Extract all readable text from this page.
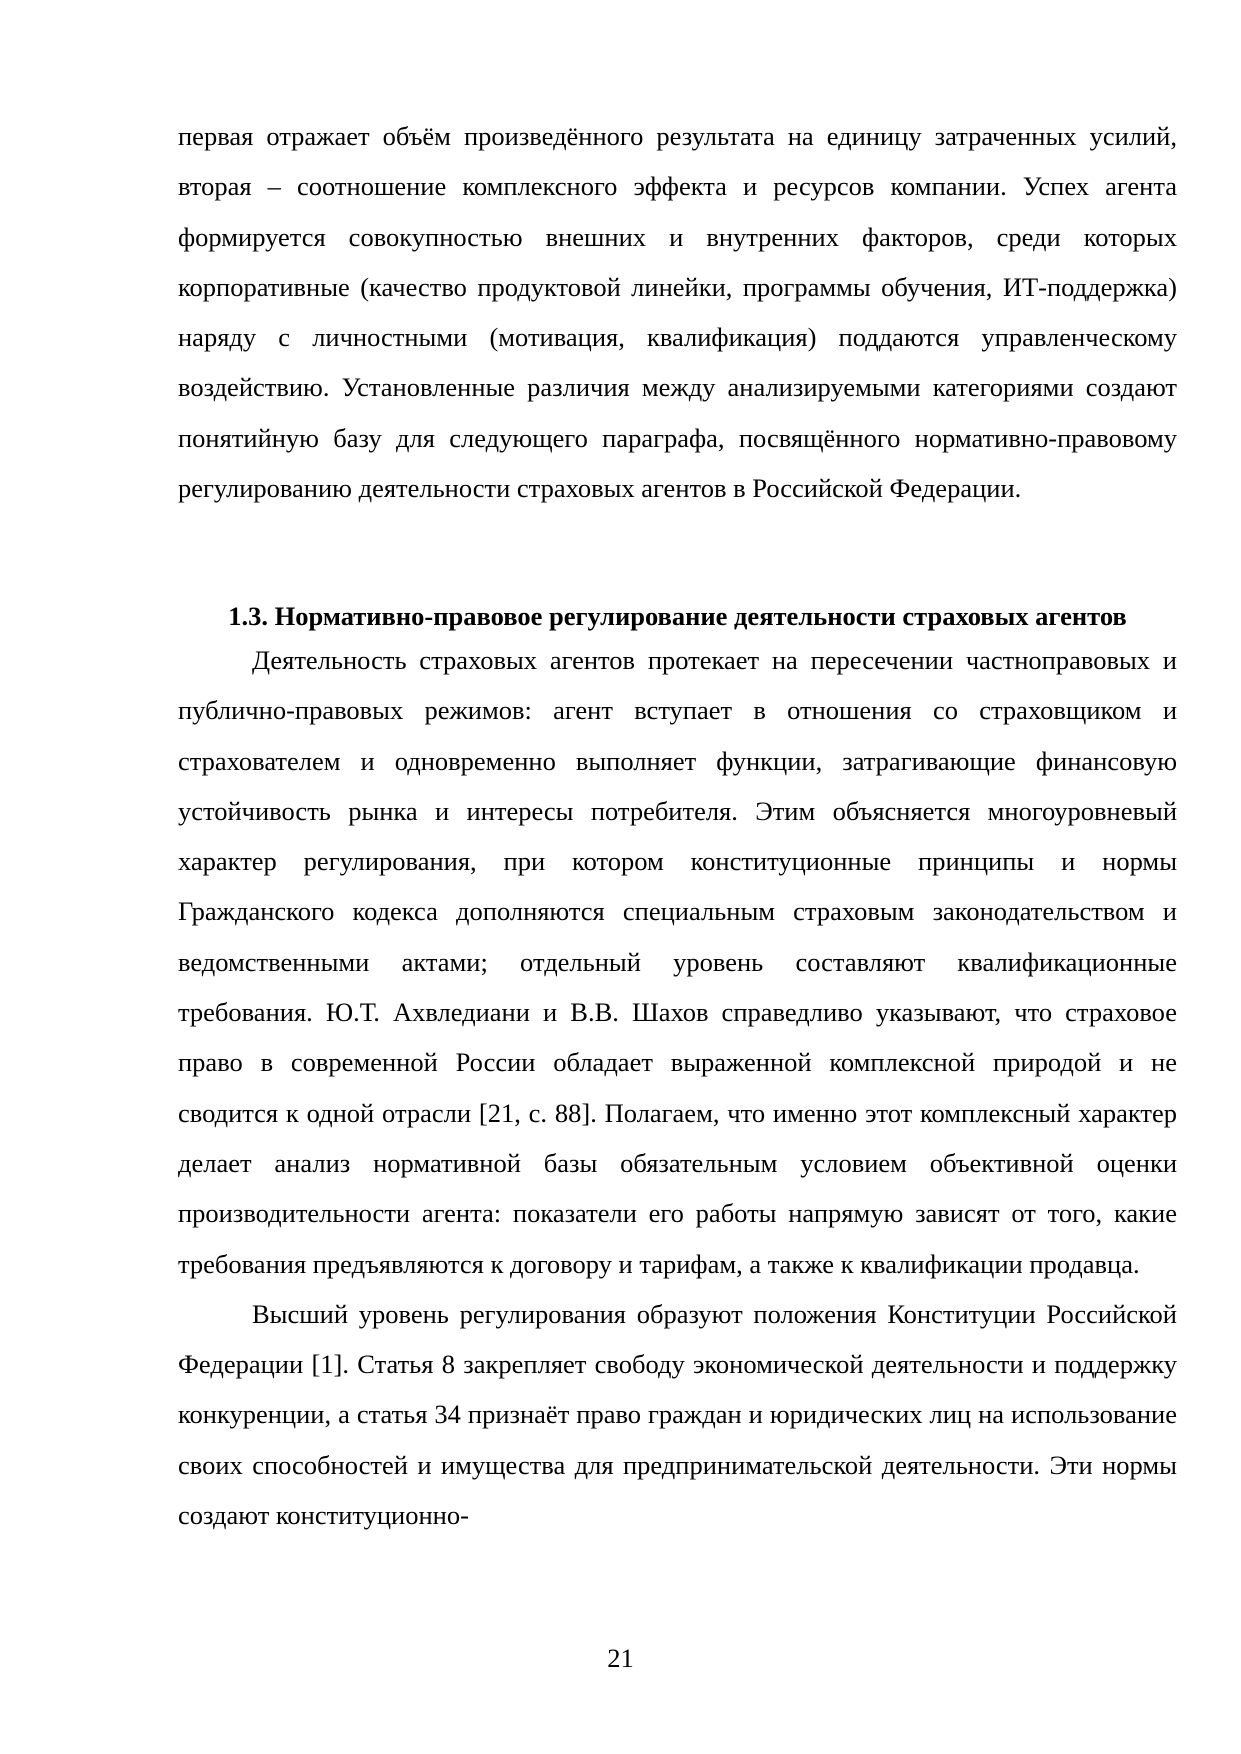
первая отражает объём произведённого результата на единицу затраченных усилий, вторая – соотношение комплексного эффекта и ресурсов компании. Успех агента формируется совокупностью внешних и внутренних факторов, среди которых корпоративные (качество продуктовой линейки, программы обучения, ИТ-поддержка) наряду с личностными (мотивация, квалификация) поддаются управленческому воздействию. Установленные различия между анализируемыми категориями создают понятийную базу для следующего параграфа, посвящённого нормативно-правовому регулированию деятельности страховых агентов в Российской Федерации.

1.3. Нормативно-правовое регулирование деятельности страховых агентов

Деятельность страховых агентов протекает на пересечении частноправовых и публично-правовых режимов: агент вступает в отношения со страховщиком и страхователем и одновременно выполняет функции, затрагивающие финансовую устойчивость рынка и интересы потребителя. Этим объясняется многоуровневый характер регулирования, при котором конституционные принципы и нормы Гражданского кодекса дополняются специальным страховым законодательством и ведомственными актами; отдельный уровень составляют квалификационные требования. Ю.Т. Ахвледиани и В.В. Шахов справедливо указывают, что страховое право в современной России обладает выраженной комплексной природой и не сводится к одной отрасли [21, с. 88]. Полагаем, что именно этот комплексный характер делает анализ нормативной базы обязательным условием объективной оценки производительности агента: показатели его работы напрямую зависят от того, какие требования предъявляются к договору и тарифам, а также к квалификации продавца.

Высший уровень регулирования образуют положения Конституции Российской Федерации [1]. Статья 8 закрепляет свободу экономической деятельности и поддержку конкуренции, а статья 34 признаёт право граждан и юридических лиц на использование своих способностей и имущества для предпринимательской деятельности. Эти нормы создают конституционно-

21
